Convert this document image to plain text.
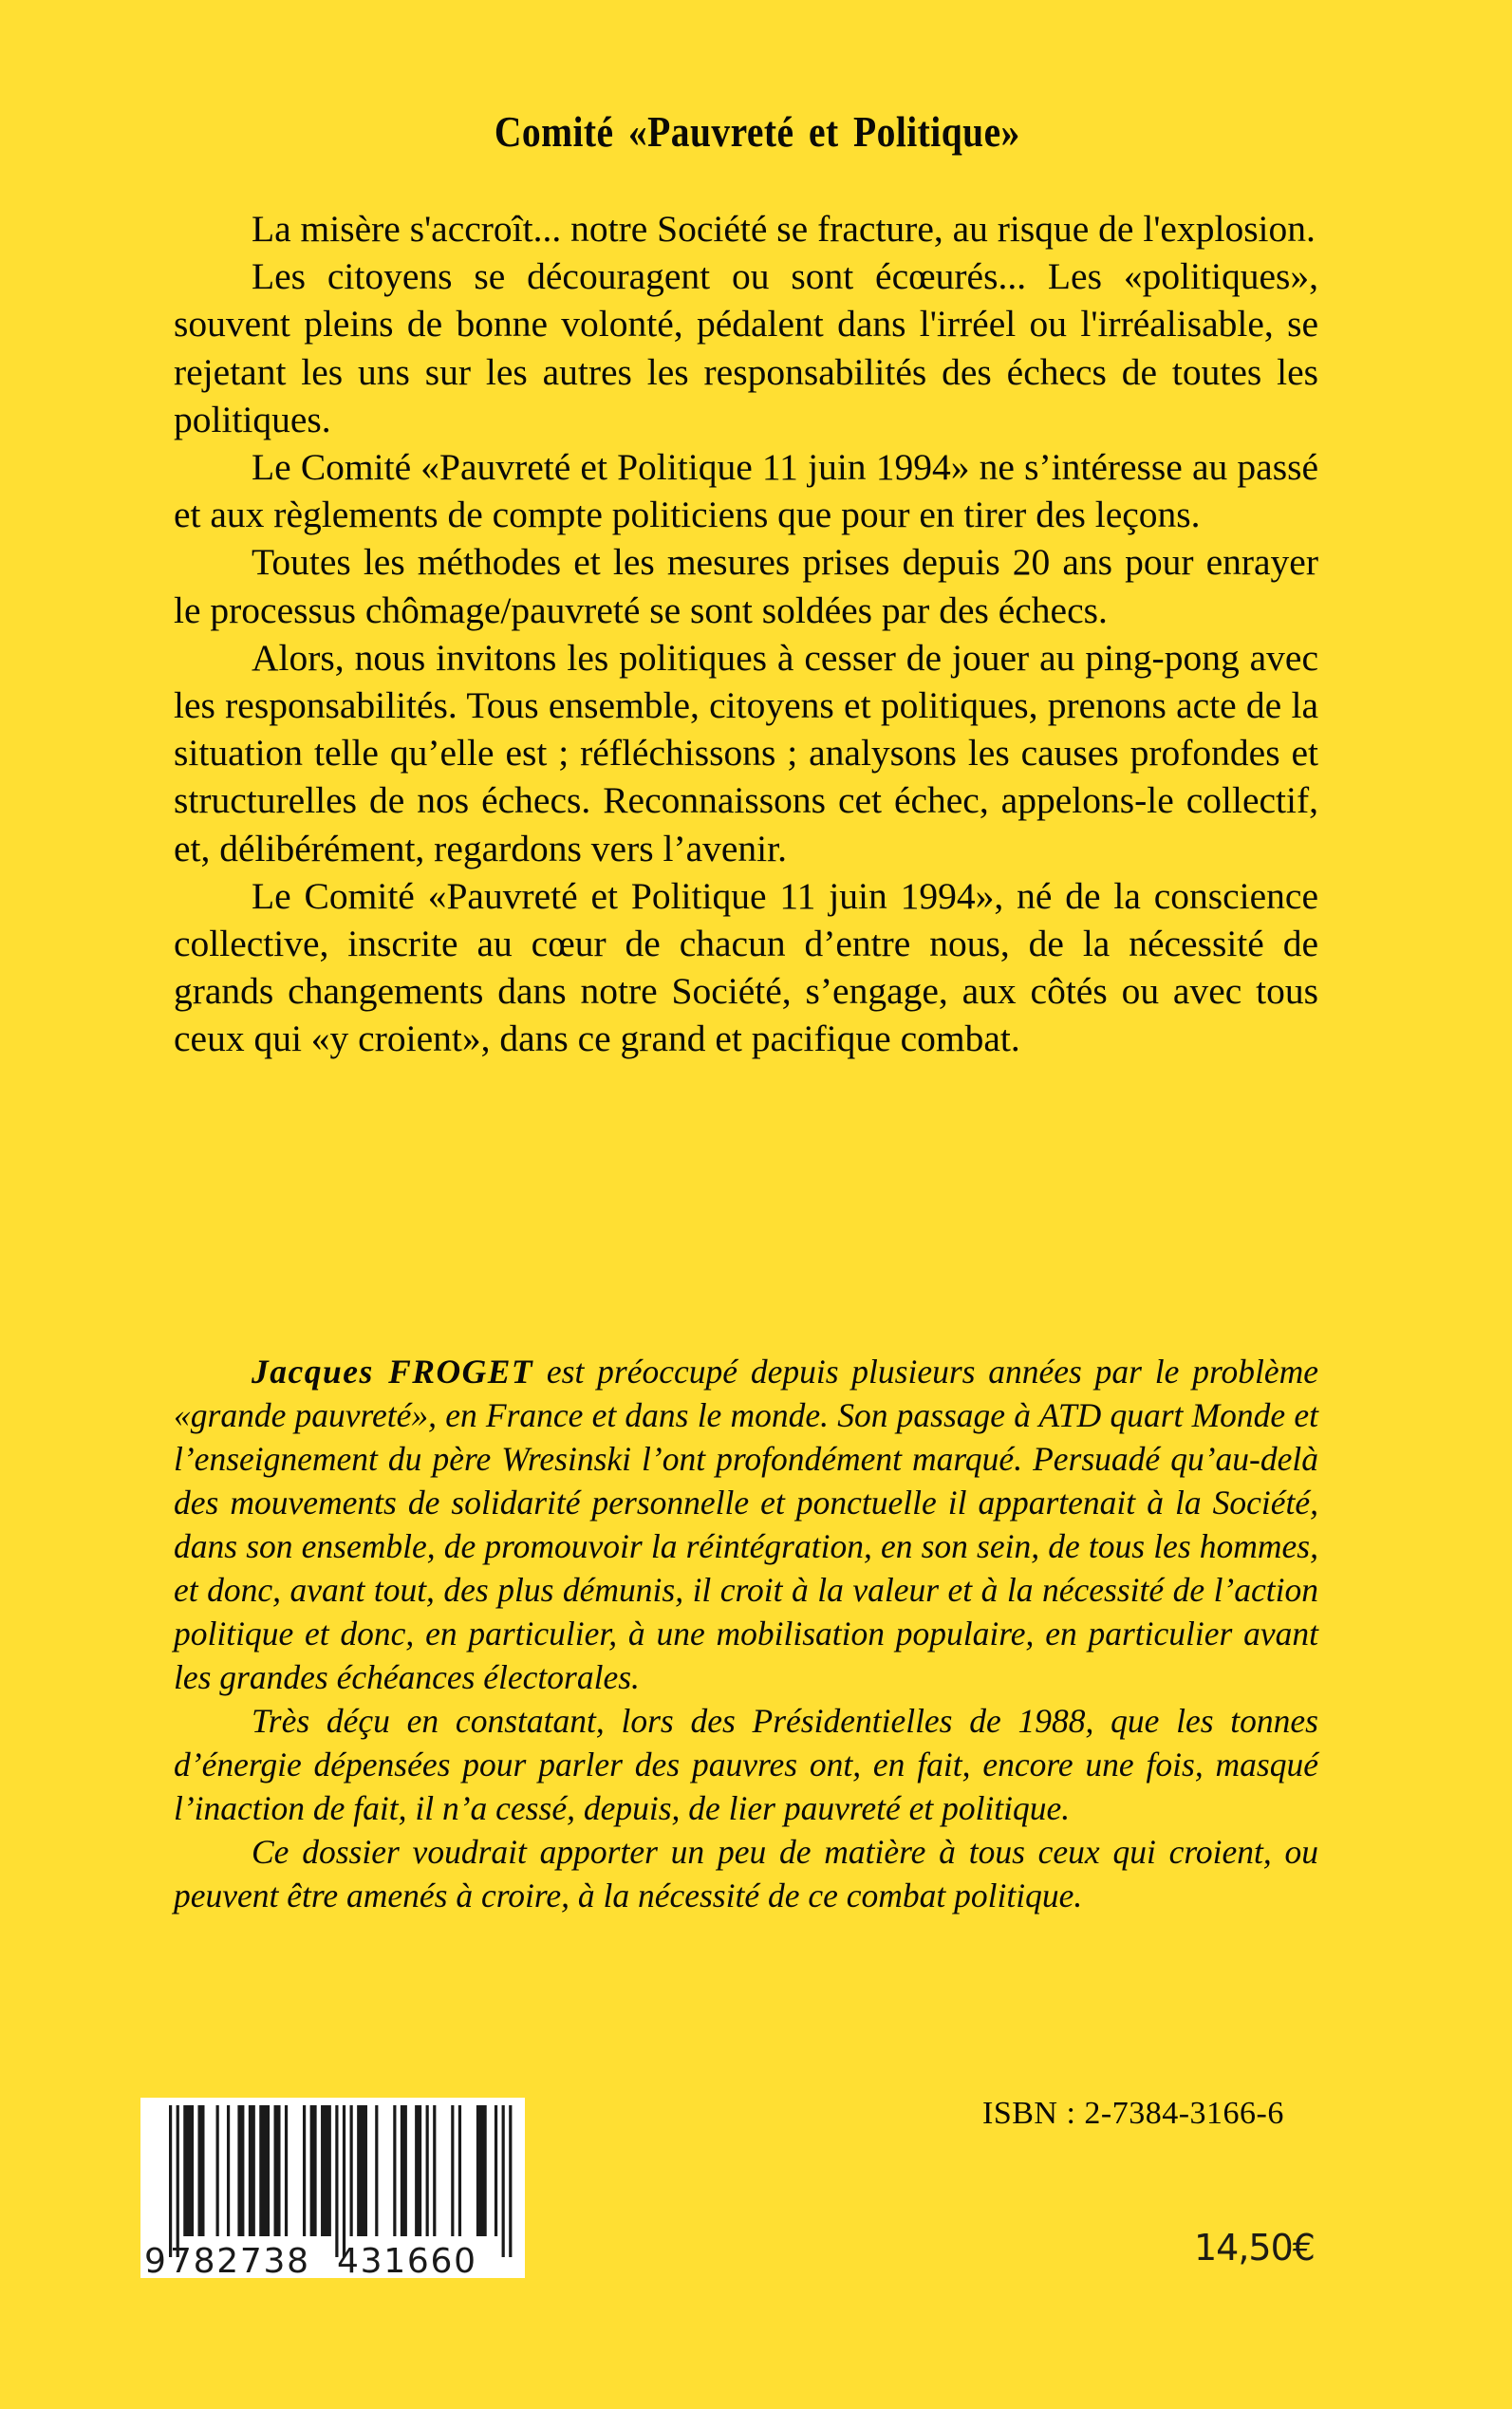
Comité «Pauvreté et Politique»

La misère s'accroît... notre Société se fracture, au risque de l'explosion.

Les citoyens se découragent ou sont écœurés... Les «politiques», souvent pleins de bonne volonté, pédalent dans l'irréel ou l'irréalisable, se rejetant les uns sur les autres les responsabilités des échecs de toutes les politiques.

Le Comité «Pauvreté et Politique 11 juin 1994» ne s’intéresse au passé et aux règlements de compte politiciens que pour en tirer des leçons.

Toutes les méthodes et les mesures prises depuis 20 ans pour enrayer le processus chômage/pauvreté se sont soldées par des échecs.

Alors, nous invitons les politiques à cesser de jouer au ping-pong avec les responsabilités. Tous ensemble, citoyens et politiques, prenons acte de la situation telle qu’elle est ; réfléchissons ; analysons les causes profondes et structurelles de nos échecs. Reconnaissons cet échec, appelons-le collectif, et, délibérément, regardons vers l’avenir.

Le Comité «Pauvreté et Politique 11 juin 1994», né de la conscience collective, inscrite au cœur de chacun d’entre nous, de la nécessité de grands changements dans notre Société, s’engage, aux côtés ou avec tous ceux qui «y croient», dans ce grand et pacifique combat.

Jacques FROGET est préoccupé depuis plusieurs années par le problème «grande pauvreté», en France et dans le monde. Son passage à ATD quart Monde et l’enseignement du père Wresinski l’ont profondément marqué. Persuadé qu’au-delà des mouvements de solidarité personnelle et ponctuelle il appartenait à la Société, dans son ensemble, de promouvoir la réintégration, en son sein, de tous les hommes, et donc, avant tout, des plus démunis, il croit à la valeur et à la nécessité de l’action politique et donc, en particulier, à une mobilisation populaire, en particulier avant les grandes échéances électorales.

Très déçu en constatant, lors des Présidentielles de 1988, que les tonnes d’énergie dépensées pour parler des pauvres ont, en fait, encore une fois, masqué l’inaction de fait, il n’a cessé, depuis, de lier pauvreté et politique.

Ce dossier voudrait apporter un peu de matière à tous ceux qui croient, ou peuvent être amenés à croire, à la nécessité de ce combat politique.

9 782738 431660
ISBN : 2-7384-3166-6
14,50€
